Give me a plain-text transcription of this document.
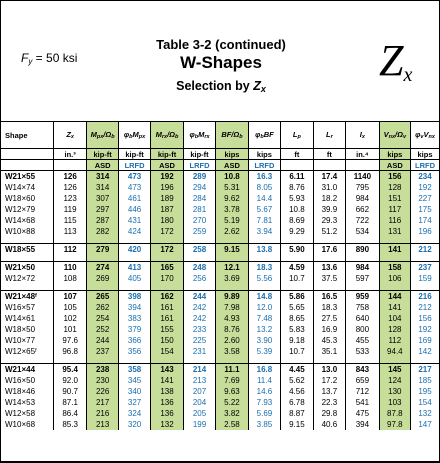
$F_y = 50$ ksi
Table 3-2 (continued)
W-Shapes
Selection by $Z_x$
$Z_x$
Shape	$Z_x$	$M_{px}/\Omega_b$	$\varphi_bM_{px}$	$M_{rx}/\Omega_b$	$\varphi_bM_{rx}$	$BF/\Omega_b$	$\varphi_bBF$	$L_p$	$L_r$	$I_x$	$V_{nx}/\Omega_v$	$\varphi_vV_{nx}$
	in.³	kip-ft	kip-ft	kip-ft	kip-ft	kips	kips	ft	ft	in.⁴	kips	kips
		ASD	LRFD	ASD	LRFD	ASD	LRFD				ASD	LRFD
W21×55	126	314	473	192	289	10.8	16.3	6.11	17.4	1140	156	234
W14×74	126	314	473	196	294	5.31	8.05	8.76	31.0	795	128	192
W18×60	123	307	461	189	284	9.62	14.4	5.93	18.2	984	151	227
W12×79	119	297	446	187	281	3.78	5.67	10.8	39.9	662	117	175
W14×68	115	287	431	180	270	5.19	7.81	8.69	29.3	722	116	174
W10×88	113	282	424	172	259	2.62	3.94	9.29	51.2	534	131	196

W18×55	112	279	420	172	258	9.15	13.8	5.90	17.6	890	141	212

W21×50	110	274	413	165	248	12.1	18.3	4.59	13.6	984	158	237
W12×72	108	269	405	170	256	3.69	5.56	10.7	37.5	597	106	159

W21×48ᶠ	107	265	398	162	244	9.89	14.8	5.86	16.5	959	144	216
W16×57	105	262	394	161	242	7.98	12.0	5.65	18.3	758	141	212
W14×61	102	254	383	161	242	4.93	7.48	8.65	27.5	640	104	156
W18×50	101	252	379	155	233	8.76	13.2	5.83	16.9	800	128	192
W10×77	97.6	244	366	150	225	2.60	3.90	9.18	45.3	455	112	169
W12×65ᶠ	96.8	237	356	154	231	3.58	5.39	10.7	35.1	533	94.4	142

W21×44	95.4	238	358	143	214	11.1	16.8	4.45	13.0	843	145	217
W16×50	92.0	230	345	141	213	7.69	11.4	5.62	17.2	659	124	185
W18×46	90.7	226	340	138	207	9.63	14.6	4.56	13.7	712	130	195
W14×53	87.1	217	327	136	204	5.22	7.93	6.78	22.3	541	103	154
W12×58	86.4	216	324	136	205	3.82	5.69	8.87	29.8	475	87.8	132
W10×68	85.3	213	320	132	199	2.58	3.85	9.15	40.6	394	97.8	147
